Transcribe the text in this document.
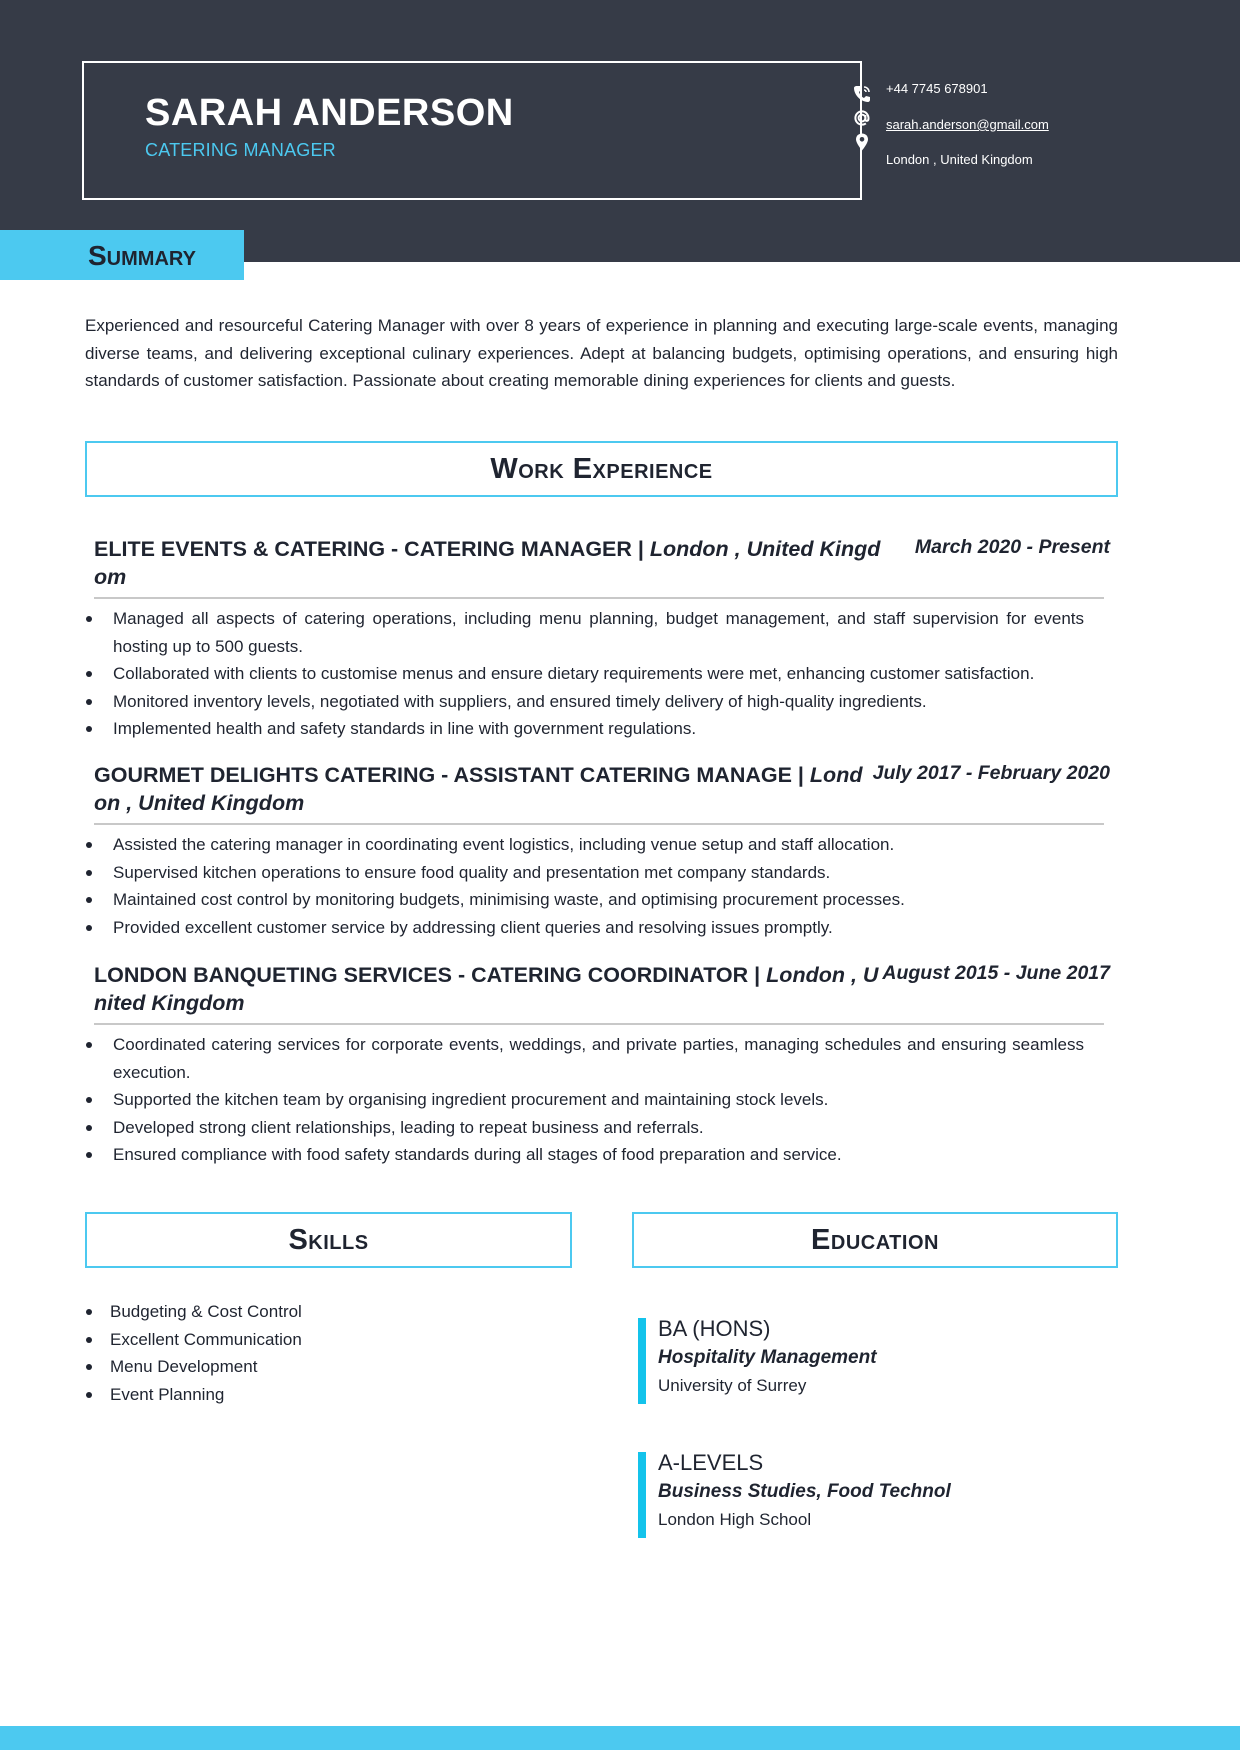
SARAH ANDERSON
CATERING MANAGER
+44 7745 678901
sarah.anderson@gmail.com
London , United Kingdom
Summary

Experienced and resourceful Catering Manager with over 8 years of experience in planning and executing large-scale events, managing diverse teams, and delivering exceptional culinary experiences. Adept at balancing budgets, optimising operations, and ensuring high standards of customer satisfaction. Passionate about creating memorable dining experiences for clients and guests.

Work Experience
ELITE EVENTS & CATERING - CATERING MANAGER | London , United Kingdom
March 2020 - Present
Managed all aspects of catering operations, including menu planning, budget management, and staff supervision for events hosting up to 500 guests.
Collaborated with clients to customise menus and ensure dietary requirements were met, enhancing customer satisfaction.
Monitored inventory levels, negotiated with suppliers, and ensured timely delivery of high-quality ingredients.
Implemented health and safety standards in line with government regulations.
GOURMET DELIGHTS CATERING - ASSISTANT CATERING MANAGE | London , United Kingdom
July 2017 - February 2020
Assisted the catering manager in coordinating event logistics, including venue setup and staff allocation.
Supervised kitchen operations to ensure food quality and presentation met company standards.
Maintained cost control by monitoring budgets, minimising waste, and optimising procurement processes.
Provided excellent customer service by addressing client queries and resolving issues promptly.
LONDON BANQUETING SERVICES - CATERING COORDINATOR | London , United Kingdom
August 2015 - June 2017
Coordinated catering services for corporate events, weddings, and private parties, managing schedules and ensuring seamless execution.
Supported the kitchen team by organising ingredient procurement and maintaining stock levels.
Developed strong client relationships, leading to repeat business and referrals.
Ensured compliance with food safety standards during all stages of food preparation and service.
Skills
Budgeting & Cost Control
Excellent Communication
Menu Development
Event Planning
Education
BA (HONS)
Hospitality Management
University of Surrey
A-LEVELS
Business Studies, Food Technol
London High School
